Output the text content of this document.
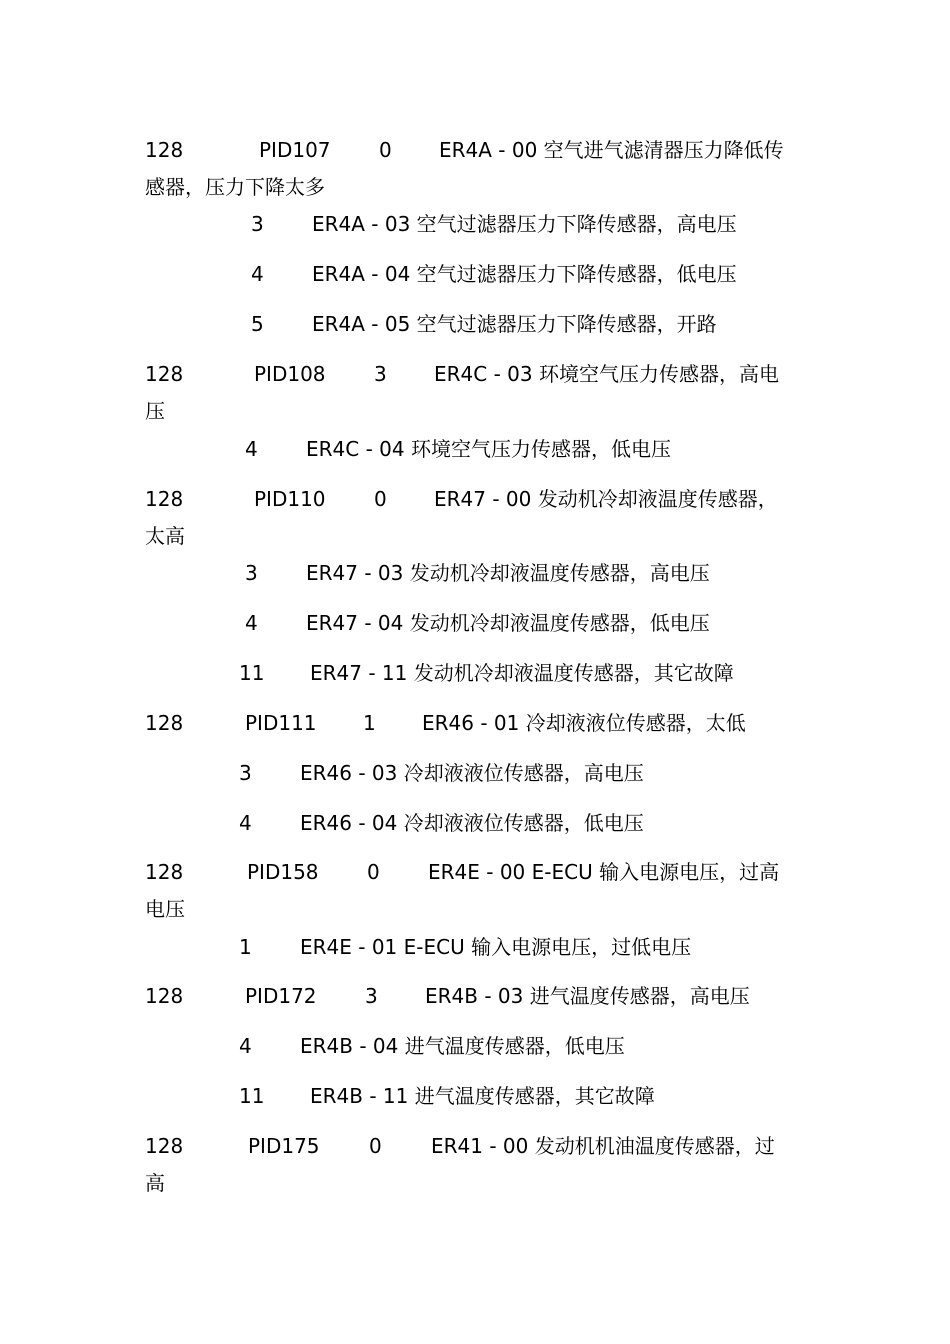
128	PID107 0 ER4A - 00 空气进气滤清器压力降低传
感器，压力下降太多
3 ER4A - 03 空气过滤器压力下降传感器，高电压
4 ER4A - 04 空气过滤器压力下降传感器，低电压
5 ER4A - 05 空气过滤器压力下降传感器，开路
128	PID108 3 ER4C - 03 环境空气压力传感器，高电
压
4 ER4C - 04 环境空气压力传感器，低电压
128	PID110 0 ER47 - 00 发动机冷却液温度传感器，
太高
3 ER47 - 03 发动机冷却液温度传感器，高电压
4 ER47 - 04 发动机冷却液温度传感器，低电压
11 ER47 - 11 发动机冷却液温度传感器，其它故障
128	PID111 1 ER46 - 01 冷却液液位传感器，太低
3 ER46 - 03 冷却液液位传感器，高电压
4 ER46 - 04 冷却液液位传感器，低电压
128	PID158 0 ER4E - 00 E-ECU 输入电源电压，过高
电压
1 ER4E - 01 E-ECU 输入电源电压，过低电压
128	PID172 3 ER4B - 03 进气温度传感器，高电压
4 ER4B - 04 进气温度传感器，低电压
11 ER4B - 11 进气温度传感器，其它故障
128	PID175 0 ER41 - 00 发动机机油温度传感器，过
高
